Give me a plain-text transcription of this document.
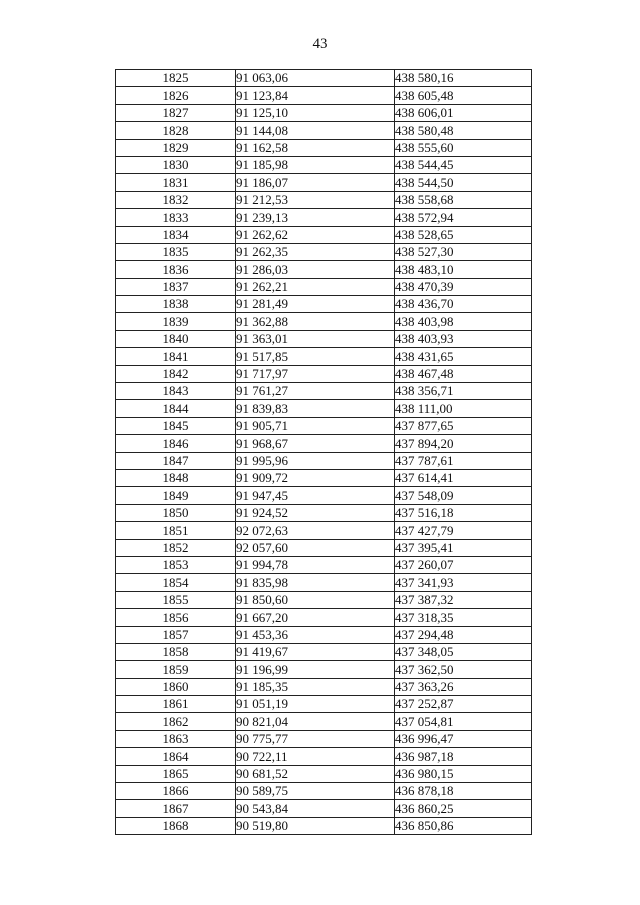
43
1825	91 063,06	438 580,16
1826	91 123,84	438 605,48
1827	91 125,10	438 606,01
1828	91 144,08	438 580,48
1829	91 162,58	438 555,60
1830	91 185,98	438 544,45
1831	91 186,07	438 544,50
1832	91 212,53	438 558,68
1833	91 239,13	438 572,94
1834	91 262,62	438 528,65
1835	91 262,35	438 527,30
1836	91 286,03	438 483,10
1837	91 262,21	438 470,39
1838	91 281,49	438 436,70
1839	91 362,88	438 403,98
1840	91 363,01	438 403,93
1841	91 517,85	438 431,65
1842	91 717,97	438 467,48
1843	91 761,27	438 356,71
1844	91 839,83	438 111,00
1845	91 905,71	437 877,65
1846	91 968,67	437 894,20
1847	91 995,96	437 787,61
1848	91 909,72	437 614,41
1849	91 947,45	437 548,09
1850	91 924,52	437 516,18
1851	92 072,63	437 427,79
1852	92 057,60	437 395,41
1853	91 994,78	437 260,07
1854	91 835,98	437 341,93
1855	91 850,60	437 387,32
1856	91 667,20	437 318,35
1857	91 453,36	437 294,48
1858	91 419,67	437 348,05
1859	91 196,99	437 362,50
1860	91 185,35	437 363,26
1861	91 051,19	437 252,87
1862	90 821,04	437 054,81
1863	90 775,77	436 996,47
1864	90 722,11	436 987,18
1865	90 681,52	436 980,15
1866	90 589,75	436 878,18
1867	90 543,84	436 860,25
1868	90 519,80	436 850,86
